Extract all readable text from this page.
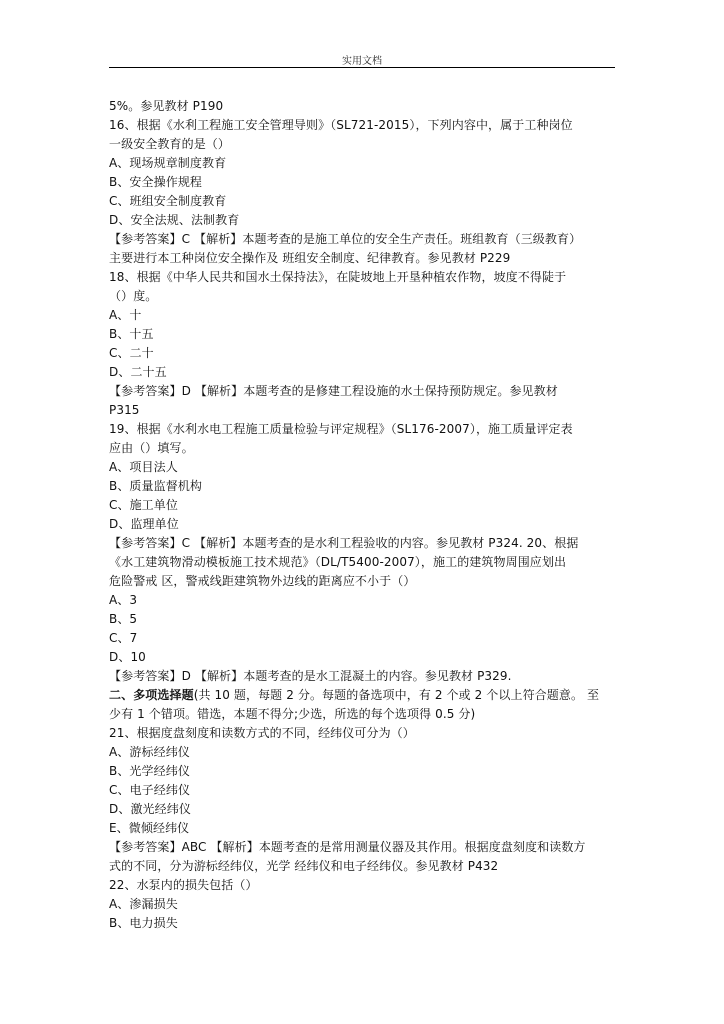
实用文档
5%。参见教材 P190
16、根据《水利工程施工安全管理导则》（SL721-2015），下列内容中，属于工种岗位
一级安全教育的是（）
A、现场规章制度教育
B、安全操作规程
C、班组安全制度教育
D、安全法规、法制教育
【参考答案】C 【解析】本题考查的是施工单位的安全生产责任。班组教育（三级教育）
主要进行本工种岗位安全操作及 班组安全制度、纪律教育。参见教材 P229
18、根据《中华人民共和国水土保持法》，在陡坡地上开垦种植农作物，坡度不得陡于
（）度。
A、十
B、十五
C、二十
D、二十五
【参考答案】D 【解析】本题考查的是修建工程设施的水土保持预防规定。参见教材
P315
19、根据《水利水电工程施工质量检验与评定规程》（SL176-2007），施工质量评定表
应由（）填写。
A、项目法人
B、质量监督机构
C、施工单位
D、监理单位
【参考答案】C 【解析】本题考查的是水利工程验收的内容。参见教材 P324. 20、根据
《水工建筑物滑动模板施工技术规范》（DL/T5400-2007），施工的建筑物周围应划出
危险警戒 区，警戒线距建筑物外边线的距离应不小于（）
A、3
B、5
C、7
D、10
【参考答案】D 【解析】本题考查的是水工混凝土的内容。参见教材 P329.
二、多项选择题(共 10 题，每题 2 分。每题的备选项中，有 2 个或 2 个以上符合题意。 至
少有 1 个错项。错选，本题不得分;少选，所选的每个选项得 0.5 分)
21、根据度盘刻度和读数方式的不同，经纬仪可分为（）
A、游标经纬仪
B、光学经纬仪
C、电子经纬仪
D、激光经纬仪
E、微倾经纬仪
【参考答案】ABC 【解析】本题考查的是常用测量仪器及其作用。根据度盘刻度和读数方
式的不同，分为游标经纬仪，光学 经纬仪和电子经纬仪。参见教材 P432
22、水泵内的损失包括（）
A、渗漏损失
B、电力损失
